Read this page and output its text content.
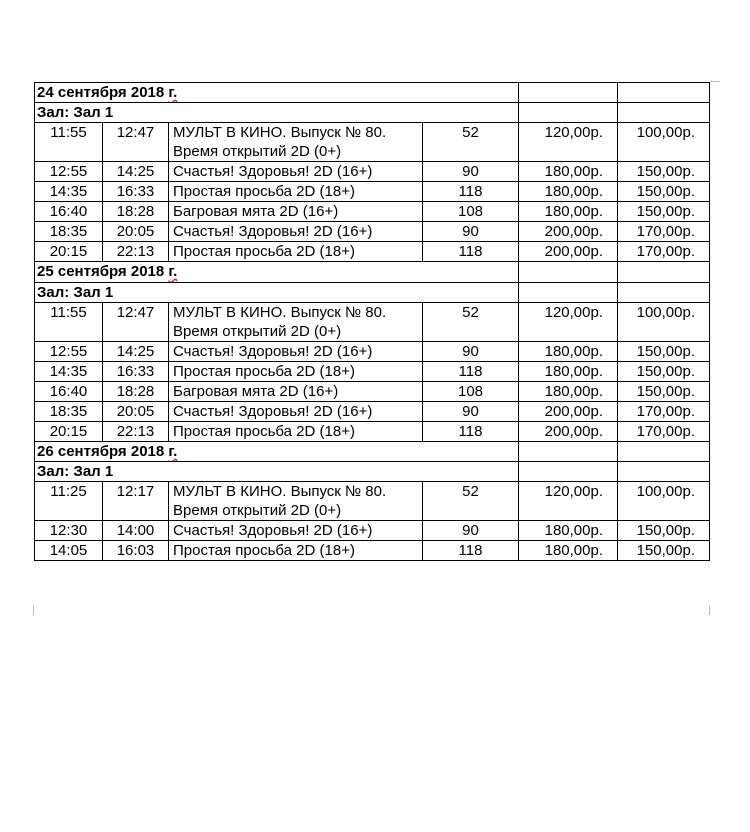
24 сентября 2018 г.					
Зал: Зал 1					
11:55	12:47	МУЛЬТ В КИНО. Выпуск № 80. Время открытий 2D (0+)	52	120,00р.	100,00р.
12:55	14:25	Счастья! Здоровья! 2D (16+)	90	180,00р.	150,00р.
14:35	16:33	Простая просьба 2D (18+)	118	180,00р.	150,00р.
16:40	18:28	Багровая мята 2D (16+)	108	180,00р.	150,00р.
18:35	20:05	Счастья! Здоровья! 2D (16+)	90	200,00р.	170,00р.
20:15	22:13	Простая просьба 2D (18+)	118	200,00р.	170,00р.
25 сентября 2018 г.					
Зал: Зал 1					
11:55	12:47	МУЛЬТ В КИНО. Выпуск № 80. Время открытий 2D (0+)	52	120,00р.	100,00р.
12:55	14:25	Счастья! Здоровья! 2D (16+)	90	180,00р.	150,00р.
14:35	16:33	Простая просьба 2D (18+)	118	180,00р.	150,00р.
16:40	18:28	Багровая мята 2D (16+)	108	180,00р.	150,00р.
18:35	20:05	Счастья! Здоровья! 2D (16+)	90	200,00р.	170,00р.
20:15	22:13	Простая просьба 2D (18+)	118	200,00р.	170,00р.
26 сентября 2018 г.					
Зал: Зал 1					
11:25	12:17	МУЛЬТ В КИНО. Выпуск № 80. Время открытий 2D (0+)	52	120,00р.	100,00р.
12:30	14:00	Счастья! Здоровья! 2D (16+)	90	180,00р.	150,00р.
14:05	16:03	Простая просьба 2D (18+)	118	180,00р.	150,00р.
